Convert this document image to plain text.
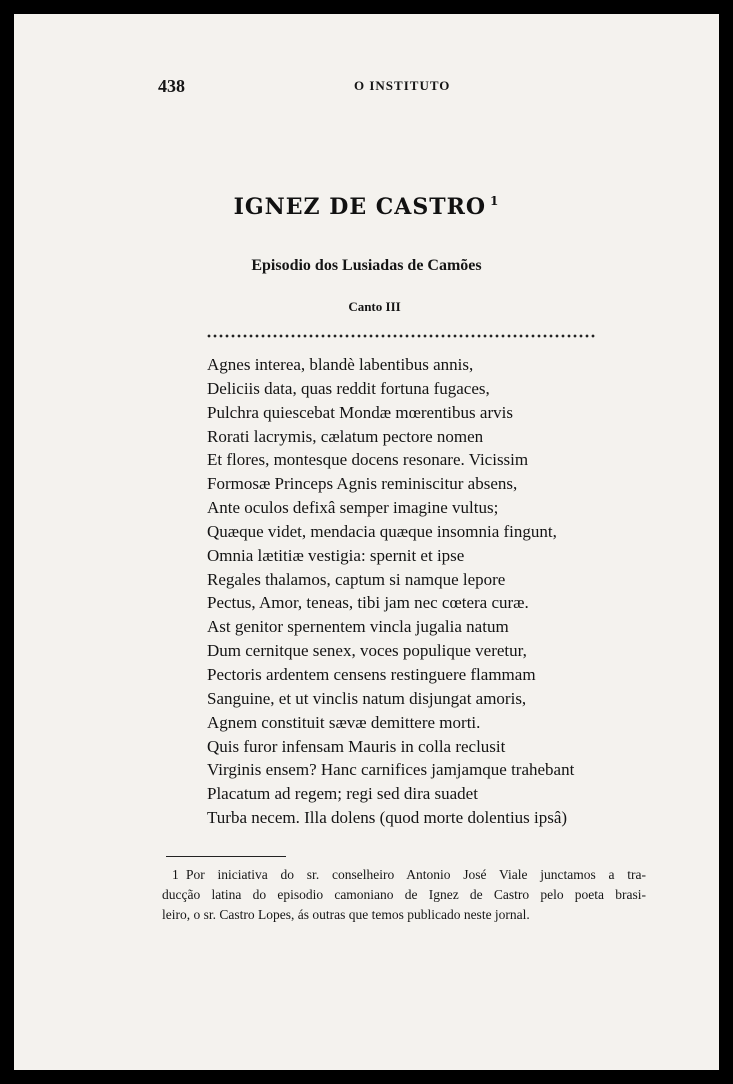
438	O INSTITUTO
IGNEZ DE CASTRO $^1$
Episodio dos Lusiadas de Camões
Canto III
Agnes interea, blandè labentibus annis,
Deliciis data, quas reddit fortuna fugaces,
Pulchra quiescebat Mondæ mœrentibus arvis
Rorati lacrymis, cælatum pectore nomen
Et flores, montesque docens resonare. Vicissim
Formosæ Princeps Agnis reminiscitur absens,
Ante oculos defixâ semper imagine vultus;
Quæque videt, mendacia quæque insomnia fingunt,
Omnia lætitiæ vestigia: spernit et ipse
Regales thalamos, captum si namque lepore
Pectus, Amor, teneas, tibi jam nec cœtera curæ.
Ast genitor spernentem vincla jugalia natum
Dum cernitque senex, voces populique veretur,
Pectoris ardentem censens restinguere flammam
Sanguine, et ut vinclis natum disjungat amoris,
Agnem constituit sævæ demittere morti.
Quis furor infensam Mauris in colla reclusit
Virginis ensem? Hanc carnifices jamjamque trahebant
Placatum ad regem; regi sed dira suadet
Turba necem. Illa dolens (quod morte dolentius ipsâ)
1 Por iniciativa do sr. conselheiro Antonio José Viale junctamos a tra-
ducção latina do episodio camoniano de Ignez de Castro pelo poeta brasi-
leiro, o sr. Castro Lopes, ás outras que temos publicado neste jornal.
